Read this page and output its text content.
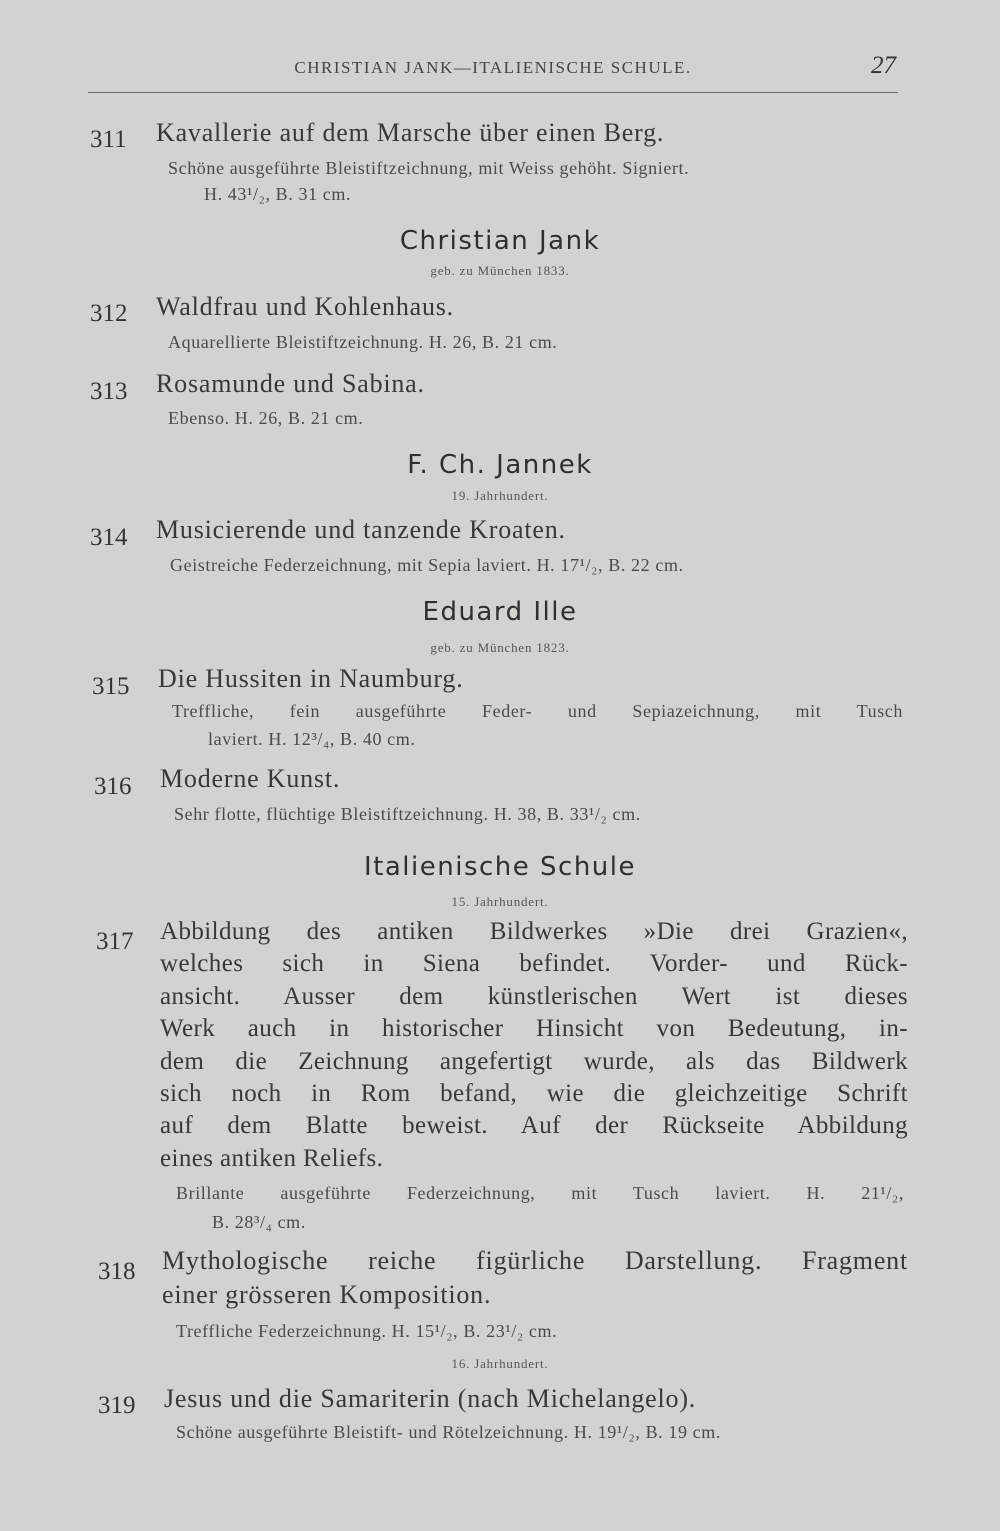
CHRISTIAN JANK—ITALIENISCHE SCHULE.	27
311 Kavallerie auf dem Marsche über einen Berg.
Schöne ausgeführte Bleistiftzeichnung, mit Weiss gehöht. Signiert.
H. 43¹/₂, B. 31 cm.
Christian Jank
geb. zu München 1833.
312 Waldfrau und Kohlenhaus.
Aquarellierte Bleistiftzeichnung. H. 26, B. 21 cm.
313 Rosamunde und Sabina.
Ebenso. H. 26, B. 21 cm.
F. Ch. Jannek
19. Jahrhundert.
314 Musicierende und tanzende Kroaten.
Geistreiche Federzeichnung, mit Sepia laviert. H. 17¹/₂, B. 22 cm.
Eduard Ille
geb. zu München 1823.
315 Die Hussiten in Naumburg.
Treffliche, fein ausgeführte Feder- und Sepiazeichnung, mit Tusch
laviert. H. 12³/₄, B. 40 cm.
316 Moderne Kunst.
Sehr flotte, flüchtige Bleistiftzeichnung. H. 38, B. 33¹/₂ cm.
Italienische Schule
15. Jahrhundert.
317 Abbildung des antiken Bildwerkes »Die drei Grazien«,
welches sich in Siena befindet. Vorder- und Rück-
ansicht. Ausser dem künstlerischen Wert ist dieses
Werk auch in historischer Hinsicht von Bedeutung, in-
dem die Zeichnung angefertigt wurde, als das Bildwerk
sich noch in Rom befand, wie die gleichzeitige Schrift
auf dem Blatte beweist. Auf der Rückseite Abbildung
eines antiken Reliefs.
Brillante ausgeführte Federzeichnung, mit Tusch laviert. H. 21¹/₂,
B. 28³/₄ cm.
318 Mythologische reiche figürliche Darstellung. Fragment
einer grösseren Komposition.
Treffliche Federzeichnung. H. 15¹/₂, B. 23¹/₂ cm.
16. Jahrhundert.
319 Jesus und die Samariterin (nach Michelangelo).
Schöne ausgeführte Bleistift- und Rötelzeichnung. H. 19¹/₂, B. 19 cm.
